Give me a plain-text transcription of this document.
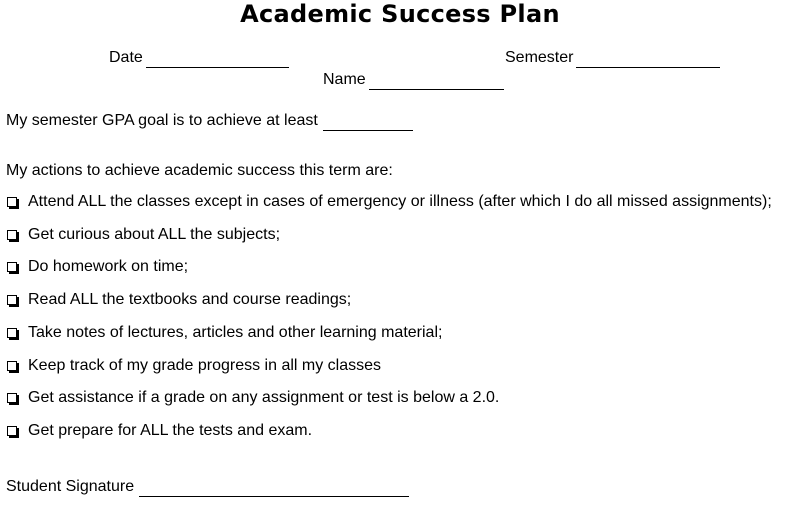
Academic Success Plan
Date	Semester
Name
My semester GPA goal is to achieve at least
My actions to achieve academic success this term are:
Attend ALL the classes except in cases of emergency or illness (after which I do all missed assignments);
Get curious about ALL the subjects;
Do homework on time;
Read ALL the textbooks and course readings;
Take notes of lectures, articles and other learning material;
Keep track of my grade progress in all my classes
Get assistance if a grade on any assignment or test is below a 2.0.
Get prepare for ALL the tests and exam.
Student Signature
